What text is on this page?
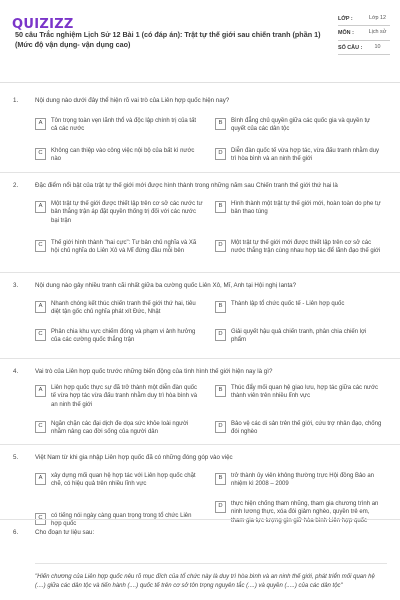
QUIZIZZ
50 câu Trắc nghiệm Lịch Sử 12 Bài 1 (có đáp án): Trật tự thế giới sau chiến tranh (phần 1) (Mức độ vận dụng- vận dụng cao)
LỚP :	Lớp 12
MÔN :	Lịch sử
SỐ CÂU :	10
1.	Nội dung nào dưới đây thể hiện rõ vai trò của Liên hợp quốc hiện nay?
A	Tôn trọng toàn vẹn lãnh thổ và độc lập chính trị của tất cả các nước
B	Bình đẳng chủ quyền giữa các quốc gia và quyền tự quyết của các dân tộc
C	Không can thiệp vào công việc nội bộ của bất kì nước nào
D	Diễn đàn quốc tế vừa hợp tác, vừa đấu tranh nhằm duy trì hòa bình và an ninh thế giới
2.	Đặc điểm nổi bật của trật tự thế giới mới được hình thành trong những năm sau Chiến tranh thế giới thứ hai là
A	Một trật tự thế giới được thiết lập trên cơ sở các nước tư bản thắng trận áp đặt quyền thống trị đối với các nước bại trận
B	Hình thành một trật tự thế giới mới, hoàn toàn do phe tự bản thao túng
C	Thế giới hình thành "hai cực": Tư bản chủ nghĩa và Xã hội chủ nghĩa do Liên Xô và Mĩ đứng đầu mỗi bên
D	Một trật tự thế giới mới được thiết lập trên cơ sở các nước thắng trận cùng nhau hợp tác để lãnh đạo thế giới
3.	Nội dung nào gây nhiều tranh cãi nhất giữa ba cường quốc Liên Xô, Mĩ, Anh tại Hội nghị Ianta?
A	Nhanh chóng kết thúc chiến tranh thế giới thứ hai, tiêu diệt tận gốc chủ nghĩa phát xít Đức, Nhật
B	Thành lập tổ chức quốc tế - Liên hợp quốc
C	Phân chia khu vực chiếm đóng và phạm vi ảnh hưởng của các cường quốc thắng trận
D	Giải quyết hậu quả chiến tranh, phân chia chiến lợi phẩm
4.	Vai trò của Liên hợp quốc trước những biến động của tình hình thế giới hiện nay là gì?
A	Liên hợp quốc thực sự đã trở thành một diễn đàn quốc tế vừa hợp tác vừa đấu tranh nhằm duy trì hòa bình và an ninh thế giới
B	Thúc đẩy mối quan hệ giao lưu, hợp tác giữa các nước thành viên trên nhiều lĩnh vực
C	Ngăn chặn các đại dịch đe dọa sức khỏe loài người nhằm nâng cao đời sống của người dân
D	Bảo vệ các di sản trên thế giới, cứu trợ nhân đạo, chống đói nghèo
5.	Việt Nam từ khi gia nhập Liên hợp quốc đã có những đóng góp vào việc
A	xây dựng mối quan hệ hợp tác với Liên hợp quốc chặt chẽ, có hiệu quả trên nhiều lĩnh vực
B	trở thành ủy viên không thường trực Hội đồng Bảo an nhiệm kì 2008 – 2009
C	có tiếng nói ngày càng quan trọng trong tổ chức Liên hợp quốc
D	thực hiện chống tham nhũng, tham gia chương trình an ninh lương thực, xóa đói giảm nghèo, quyền trẻ em, tham gia lực lượng gìn giữ hòa bình Liên hợp quốc
6.	Cho đoạn tư liệu sau:
"Hiến chương của Liên hợp quốc nêu rõ mục đích của tổ chức này là duy trì hòa bình và an ninh thế giới, phát triển mối quan hệ (....) giữa các dân tộc và tiến hành (....) quốc tế trên cơ sở tôn trọng nguyên tắc (....) và quyền (.....) của các dân tộc"
